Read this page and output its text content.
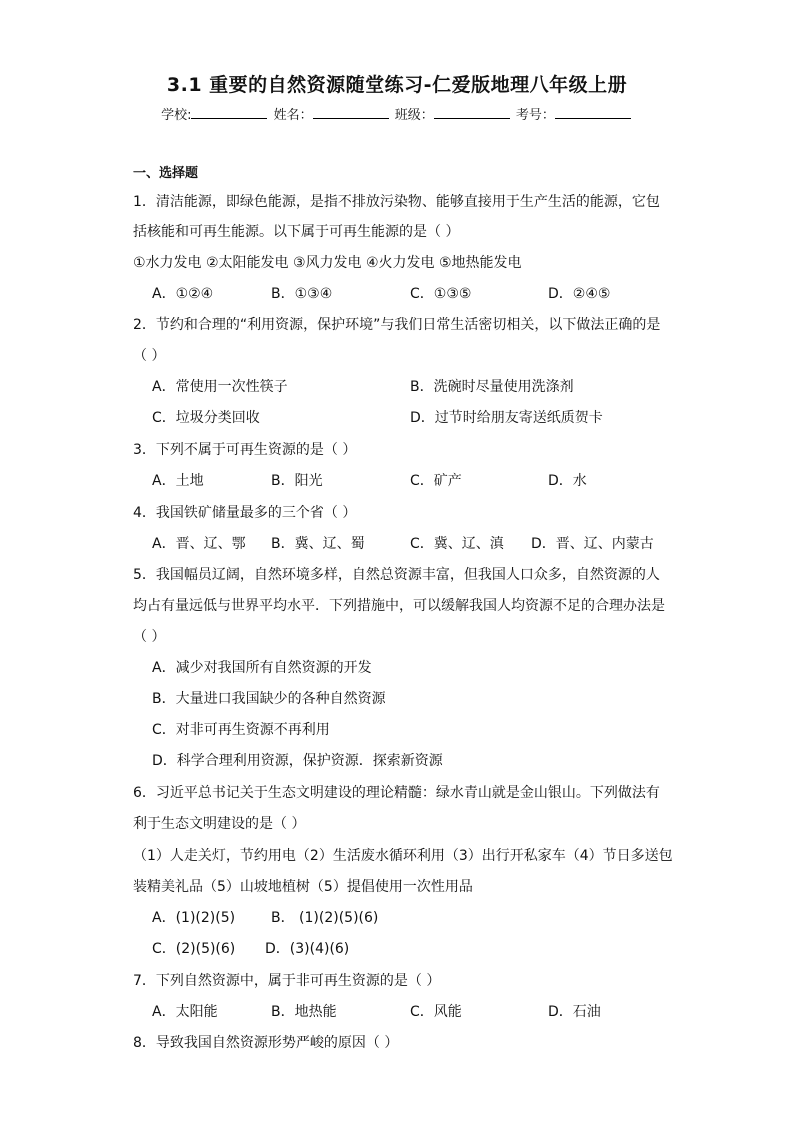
3.1 重要的自然资源随堂练习-仁爱版地理八年级上册
学校:	姓名：	班级：	考号：
一、选择题
1．清洁能源，即绿色能源，是指不排放污染物、能够直接用于生产生活的能源，它包
括核能和可再生能源。以下属于可再生能源的是（ ）
①水力发电 ②太阳能发电 ③风力发电 ④火力发电 ⑤地热能发电
A．①②④	B．①③④	C．①③⑤	D．②④⑤
2．节约和合理的“利用资源，保护环境”与我们日常生活密切相关，以下做法正确的是
（ ）
A．常使用一次性筷子	B．洗碗时尽量使用洗涤剂
C．垃圾分类回收	D．过节时给朋友寄送纸质贺卡
3．下列不属于可再生资源的是（ ）
A．土地	B．阳光	C．矿产	D．水
4．我国铁矿储量最多的三个省（ ）
A．晋、辽、鄂 B．冀、辽、蜀	C．冀、辽、滇 D．晋、辽、内蒙古
5．我国幅员辽阔，自然环境多样，自然总资源丰富，但我国人口众多，自然资源的人
均占有量远低与世界平均水平．下列措施中，可以缓解我国人均资源不足的合理办法是
（ ）
A．减少对我国所有自然资源的开发
B．大量进口我国缺少的各种自然资源
C．对非可再生资源不再利用
D．科学合理利用资源，保护资源．探索新资源
6．习近平总书记关于生态文明建设的理论精髓：绿水青山就是金山银山。下列做法有
利于生态文明建设的是（ ）
（1）人走关灯，节约用电（2）生活废水循环利用（3）出行开私家车（4）节日多送包
装精美礼品（5）山坡地植树（5）提倡使用一次性用品
A．(1)(2)(5)	B． (1)(2)(5)(6)
C．(2)(5)(6) D．(3)(4)(6)
7．下列自然资源中，属于非可再生资源的是（ ）
A．太阳能	B．地热能	C．风能	D．石油
8．导致我国自然资源形势严峻的原因（ ）
